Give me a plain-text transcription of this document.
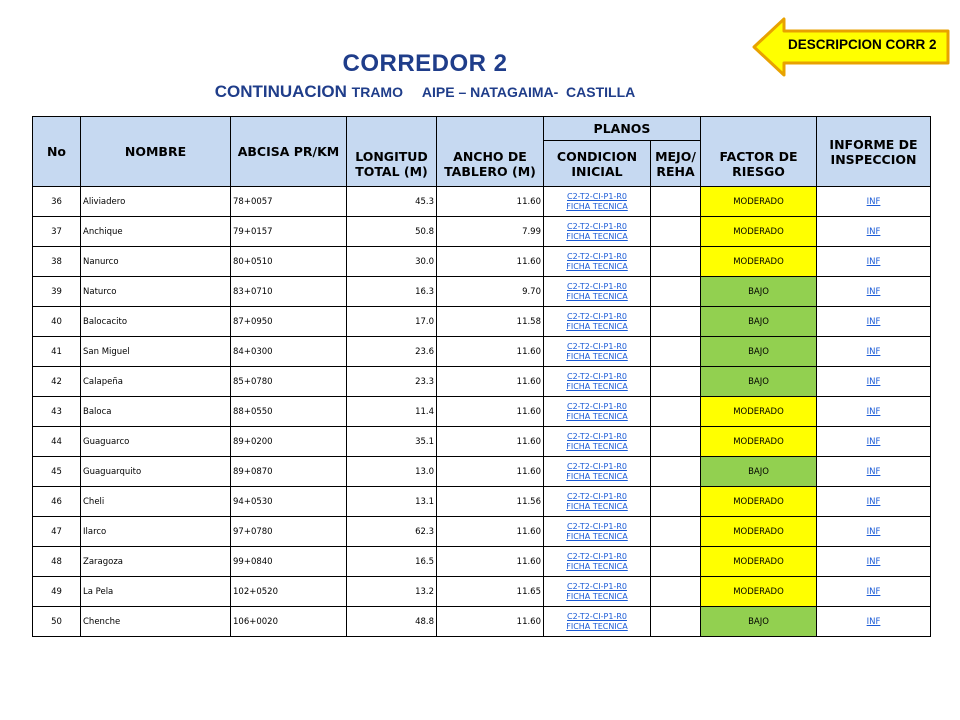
CORREDOR 2
CONTINUACION TRAMO     AIPE – NATAGAIMA-  CASTILLA
DESCRIPCION CORR 2
No	NOMBRE	ABCISA PR/KM	LONGITUD TOTAL (M)	ANCHO DE TABLERO (M)	PLANOS		FACTOR DE RIESGO	INFORME DE INSPECCION
					CONDICION INICIAL	MEJO/ REHA		
36	Aliviadero	78+0057	45.3	11.60	C2-T2-CI-P1-R0
FICHA TECNICA		MODERADO	INF
37	Anchique	79+0157	50.8	7.99	C2-T2-CI-P1-R0
FICHA TECNICA		MODERADO	INF
38	Nanurco	80+0510	30.0	11.60	C2-T2-CI-P1-R0
FICHA TECNICA		MODERADO	INF
39	Naturco	83+0710	16.3	9.70	C2-T2-CI-P1-R0
FICHA TECNICA		BAJO	INF
40	Balocacito	87+0950	17.0	11.58	C2-T2-CI-P1-R0
FICHA TECNICA		BAJO	INF
41	San Miguel	84+0300	23.6	11.60	C2-T2-CI-P1-R0
FICHA TECNICA		BAJO	INF
42	Calapeña	85+0780	23.3	11.60	C2-T2-CI-P1-R0
FICHA TECNICA		BAJO	INF
43	Baloca	88+0550	11.4	11.60	C2-T2-CI-P1-R0
FICHA TECNICA		MODERADO	INF
44	Guaguarco	89+0200	35.1	11.60	C2-T2-CI-P1-R0
FICHA TECNICA		MODERADO	INF
45	Guaguarquito	89+0870	13.0	11.60	C2-T2-CI-P1-R0
FICHA TECNICA		BAJO	INF
46	Cheli	94+0530	13.1	11.56	C2-T2-CI-P1-R0
FICHA TECNICA		MODERADO	INF
47	Ilarco	97+0780	62.3	11.60	C2-T2-CI-P1-R0
FICHA TECNICA		MODERADO	INF
48	Zaragoza	99+0840	16.5	11.60	C2-T2-CI-P1-R0
FICHA TECNICA		MODERADO	INF
49	La Pela	102+0520	13.2	11.65	C2-T2-CI-P1-R0
FICHA TECNICA		MODERADO	INF
50	Chenche	106+0020	48.8	11.60	C2-T2-CI-P1-R0
FICHA TECNICA		BAJO	INF
